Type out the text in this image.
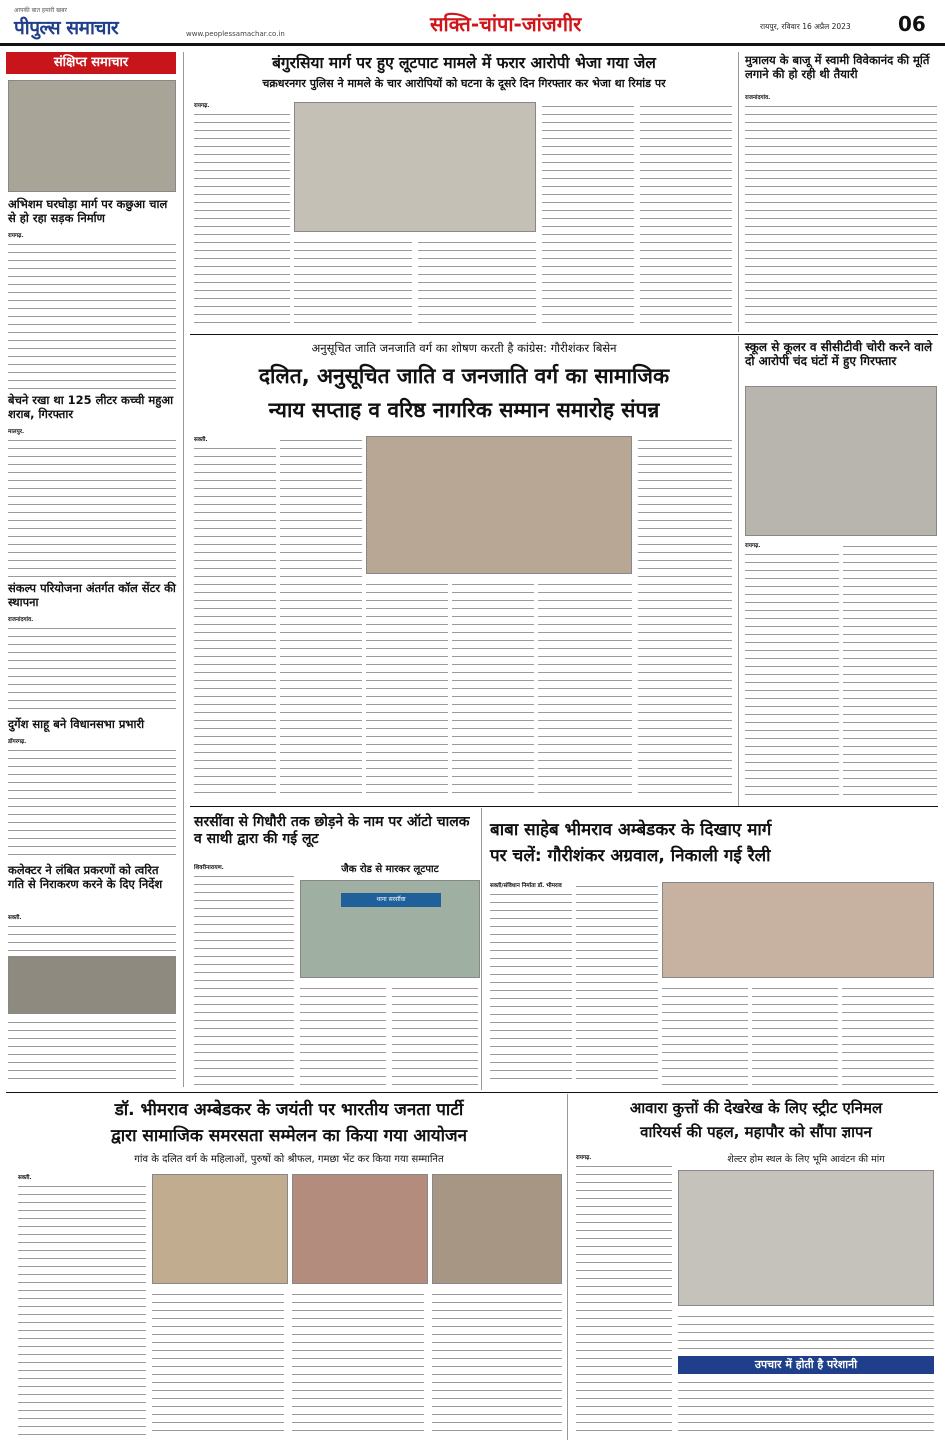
आपकी बात हमारी खबर
पीपुल्स समाचार	www.peoplessamachar.co.in	सक्ति-चांपा-जांजगीर	रायपुर, रविवार 16 अप्रैल 2023 06
संक्षिप्त समाचार
अभिशम घरघोड़ा मार्ग पर कछुआ चाल से हो रहा सड़क निर्माण
रायगढ़.
बेचने रखा था 125 लीटर कच्ची महुआ शराब, गिरफ्तार
मालपुर.
संकल्प परियोजना अंतर्गत कॉल सेंटर की स्थापना
राजनांदगांव.
दुर्गेश साहू बने विधानसभा प्रभारी
डोंगरगढ़.
कलेक्टर ने लंबित प्रकरणों को त्वरित गति से निराकरण करने के दिए निर्देश
सक्ती.
बंगुरसिया मार्ग पर हुए लूटपाट मामले में फरार आरोपी भेजा गया जेल
चक्रधरनगर पुलिस ने मामले के चार आरोपियों को घटना के दूसरे दिन गिरफ्तार कर भेजा था रिमांड पर
रायगढ़.
मुत्रालय के बाजू में स्वामी विवेकानंद की मूर्ति लगाने की हो रही थी तैयारी
राजनांदगांव.
अनुसूचित जाति जनजाति वर्ग का शोषण करती है कांग्रेस: गौरीशंकर बिसेन
दलित, अनुसूचित जाति व जनजाति वर्ग का सामाजिक
न्याय सप्ताह व वरिष्ठ नागरिक सम्मान समारोह संपन्न
सक्ती.
स्कूल से कूलर व सीसीटीवी चोरी करने वाले दो आरोपी चंद घंटों में हुए गिरफ्तार
रायगढ़.
सरसींवा से गिधौरी तक छोड़ने के नाम पर ऑटो चालक व साथी द्वारा की गई लूट
शिवरीनारायण.	जैक रोड से मारकर लूटपाट
थाना सरसींवा
बाबा साहेब भीमराव अम्बेडकर के दिखाए मार्ग
पर चलें: गौरीशंकर अग्रवाल, निकाली गई रैली
सक्ती/संविधान निर्माता डॉ. भीमराव
डॉ. भीमराव अम्बेडकर के जयंती पर भारतीय जनता पार्टी
द्वारा सामाजिक समरसता सम्मेलन का किया गया आयोजन
गांव के दलित वर्ग के महिलाओं, पुरुषों को श्रीफल, गमछा भेंट कर किया गया सम्मानित
सक्ती.
आवारा कुत्तों की देखरेख के लिए स्ट्रीट एनिमल
वारियर्स की पहल, महापौर को सौंपा ज्ञापन
रायगढ़.	शेल्टर होम स्थल के लिए भूमि आवंटन की मांग
उपचार में होती है परेशानी
